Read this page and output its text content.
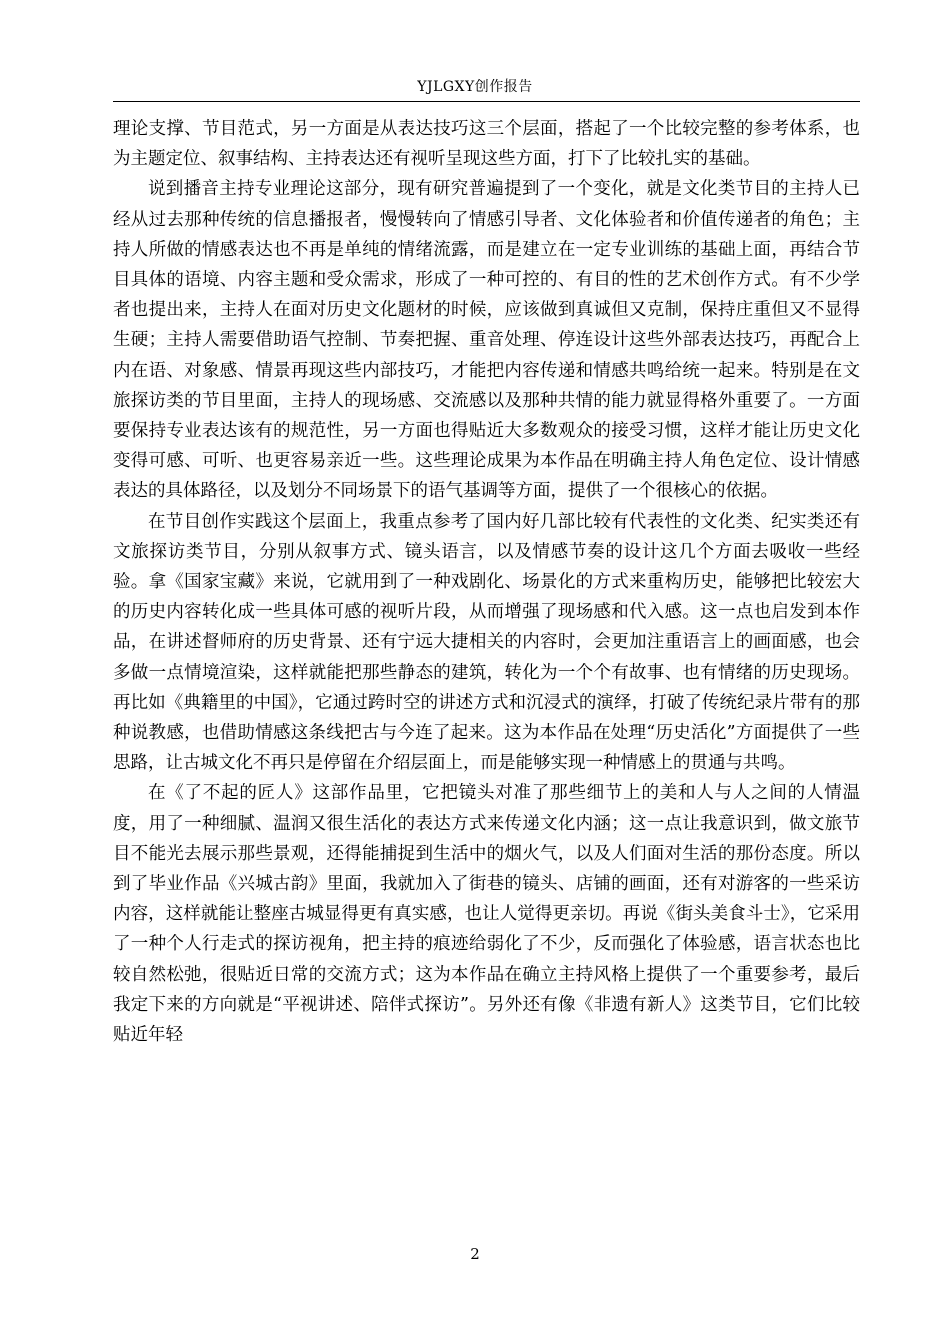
YJLGXY创作报告

理论支撑、节目范式，另一方面是从表达技巧这三个层面，搭起了一个比较完整的参考体系，也为主题定位、叙事结构、主持表达还有视听呈现这些方面，打下了比较扎实的基础。

说到播音主持专业理论这部分，现有研究普遍提到了一个变化，就是文化类节目的主持人已经从过去那种传统的信息播报者，慢慢转向了情感引导者、文化体验者和价值传递者的角色；主持人所做的情感表达也不再是单纯的情绪流露，而是建立在一定专业训练的基础上面，再结合节目具体的语境、内容主题和受众需求，形成了一种可控的、有目的性的艺术创作方式。有不少学者也提出来，主持人在面对历史文化题材的时候，应该做到真诚但又克制，保持庄重但又不显得生硬；主持人需要借助语气控制、节奏把握、重音处理、停连设计这些外部表达技巧，再配合上内在语、对象感、情景再现这些内部技巧，才能把内容传递和情感共鸣给统一起来。特别是在文旅探访类的节目里面，主持人的现场感、交流感以及那种共情的能力就显得格外重要了。一方面要保持专业表达该有的规范性，另一方面也得贴近大多数观众的接受习惯，这样才能让历史文化变得可感、可听、也更容易亲近一些。这些理论成果为本作品在明确主持人角色定位、设计情感表达的具体路径，以及划分不同场景下的语气基调等方面，提供了一个很核心的依据。

在节目创作实践这个层面上，我重点参考了国内好几部比较有代表性的文化类、纪实类还有文旅探访类节目，分别从叙事方式、镜头语言，以及情感节奏的设计这几个方面去吸收一些经验。拿《国家宝藏》来说，它就用到了一种戏剧化、场景化的方式来重构历史，能够把比较宏大的历史内容转化成一些具体可感的视听片段，从而增强了现场感和代入感。这一点也启发到本作品，在讲述督师府的历史背景、还有宁远大捷相关的内容时，会更加注重语言上的画面感，也会多做一点情境渲染，这样就能把那些静态的建筑，转化为一个个有故事、也有情绪的历史现场。再比如《典籍里的中国》，它通过跨时空的讲述方式和沉浸式的演绎，打破了传统纪录片带有的那种说教感，也借助情感这条线把古与今连了起来。这为本作品在处理“历史活化”方面提供了一些思路，让古城文化不再只是停留在介绍层面上，而是能够实现一种情感上的贯通与共鸣。

在《了不起的匠人》这部作品里，它把镜头对准了那些细节上的美和人与人之间的人情温度，用了一种细腻、温润又很生活化的表达方式来传递文化内涵；这一点让我意识到，做文旅节目不能光去展示那些景观，还得能捕捉到生活中的烟火气，以及人们面对生活的那份态度。所以到了毕业作品《兴城古韵》里面，我就加入了街巷的镜头、店铺的画面，还有对游客的一些采访内容，这样就能让整座古城显得更有真实感，也让人觉得更亲切。再说《街头美食斗士》，它采用了一种个人行走式的探访视角，把主持的痕迹给弱化了不少，反而强化了体验感，语言状态也比较自然松弛，很贴近日常的交流方式；这为本作品在确立主持风格上提供了一个重要参考，最后我定下来的方向就是“平视讲述、陪伴式探访”。另外还有像《非遗有新人》这类节目，它们比较贴近年轻

2
